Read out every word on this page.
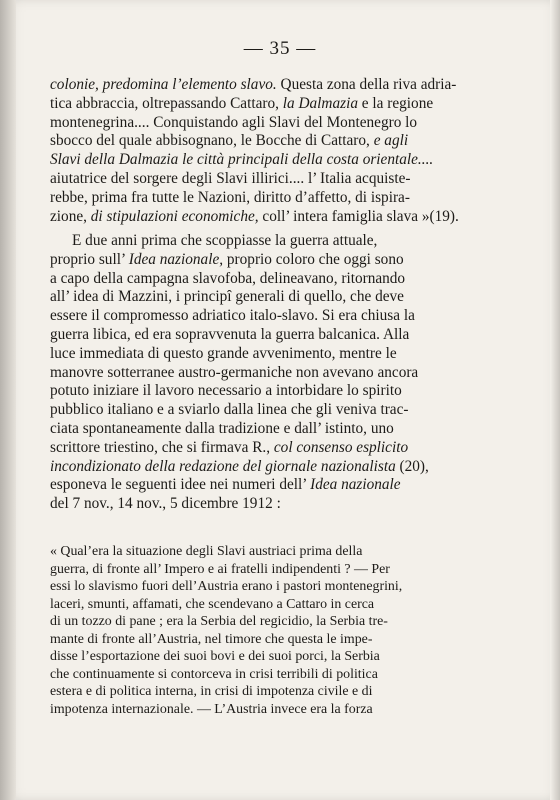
— 35 —
colonie, predomina l’elemento slavo. Questa zona della riva adria-
tica abbraccia, oltrepassando Cattaro, la Dalmazia e la regione
montenegrina.... Conquistando agli Slavi del Montenegro lo
sbocco del quale abbisognano, le Bocche di Cattaro, e agli
Slavi della Dalmazia le città principali della costa orientale....
aiutatrice del sorgere degli Slavi illirici.... l’ Italia acquiste-
rebbe, prima fra tutte le Nazioni, diritto d’affetto, di ispira-
zione, di stipulazioni economiche, coll’ intera famiglia slava »(19).
E due anni prima che scoppiasse la guerra attuale,
proprio sull’ Idea nazionale, proprio coloro che oggi sono
a capo della campagna slavofoba, delineavano, ritornando
all’ idea di Mazzini, i principî generali di quello, che deve
essere il compromesso adriatico italo-slavo. Si era chiusa la
guerra libica, ed era sopravvenuta la guerra balcanica. Alla
luce immediata di questo grande avvenimento, mentre le
manovre sotterranee austro-germaniche non avevano ancora
potuto iniziare il lavoro necessario a intorbidare lo spirito
pubblico italiano e a sviarlo dalla linea che gli veniva trac-
ciata spontaneamente dalla tradizione e dall’ istinto, uno
scrittore triestino, che si firmava R., col consenso esplicito
incondizionato della redazione del giornale nazionalista (20),
esponeva le seguenti idee nei numeri dell’ Idea nazionale
del 7 nov., 14 nov., 5 dicembre 1912 :
« Qual’era la situazione degli Slavi austriaci prima della
guerra, di fronte all’ Impero e ai fratelli indipendenti ? — Per
essi lo slavismo fuori dell’Austria erano i pastori montenegrini,
laceri, smunti, affamati, che scendevano a Cattaro in cerca
di un tozzo di pane ; era la Serbia del regicidio, la Serbia tre-
mante di fronte all’Austria, nel timore che questa le impe-
disse l’esportazione dei suoi bovi e dei suoi porci, la Serbia
che continuamente si contorceva in crisi terribili di politica
estera e di politica interna, in crisi di impotenza civile e di
impotenza internazionale. — L’Austria invece era la forza
